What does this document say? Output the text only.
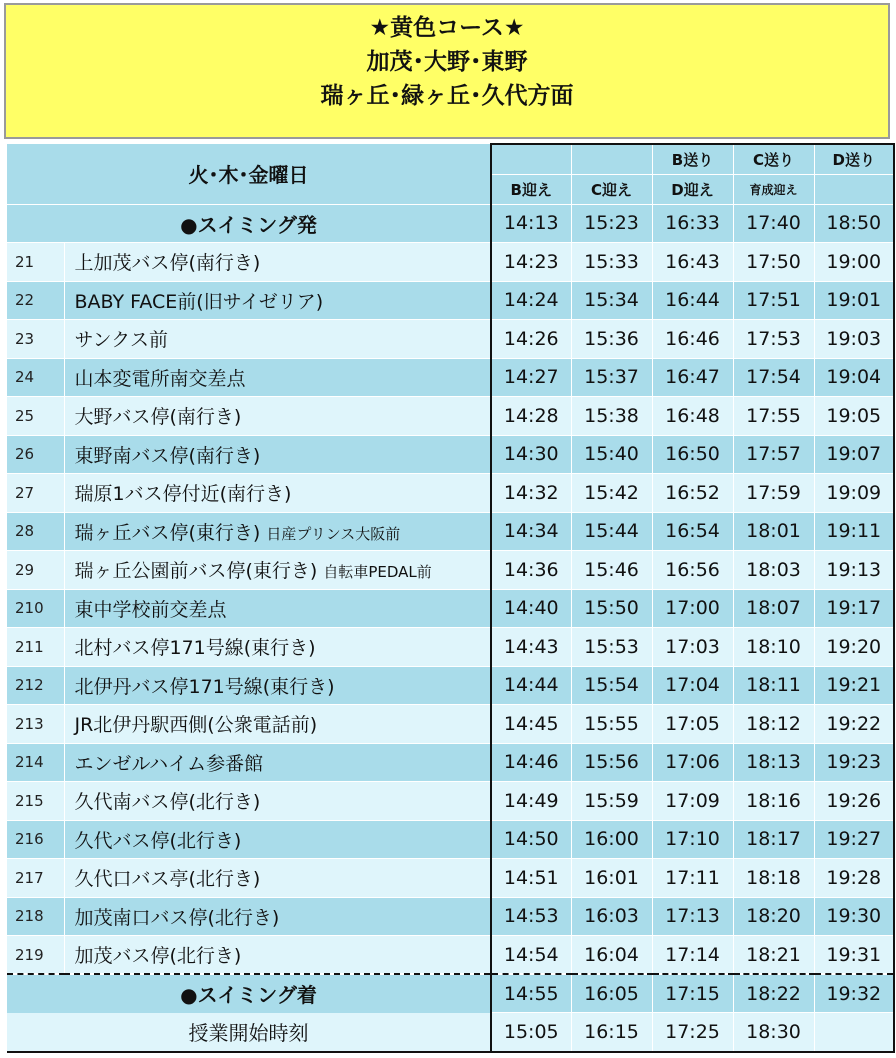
★黄色コース★
加茂･大野･東野
瑞ヶ丘･緑ヶ丘･久代方面
火･木･金曜日				B送り	C送り	D送り
		B迎え	C迎え	D迎え	育成迎え	
●スイミング発		14:13	15:23	16:33	17:40	18:50
21	上加茂バス停(南行き)	14:23	15:33	16:43	17:50	19:00
22	BABY FACE前(旧サイゼリア)	14:24	15:34	16:44	17:51	19:01
23	サンクス前	14:26	15:36	16:46	17:53	19:03
24	山本変電所南交差点	14:27	15:37	16:47	17:54	19:04
25	大野バス停(南行き)	14:28	15:38	16:48	17:55	19:05
26	東野南バス停(南行き)	14:30	15:40	16:50	17:57	19:07
27	瑞原1バス停付近(南行き)	14:32	15:42	16:52	17:59	19:09
28	瑞ヶ丘バス停(東行き) 日産プリンス大阪前	14:34	15:44	16:54	18:01	19:11
29	瑞ヶ丘公園前バス停(東行き) 自転車PEDAL前	14:36	15:46	16:56	18:03	19:13
210	東中学校前交差点	14:40	15:50	17:00	18:07	19:17
211	北村バス停171号線(東行き)	14:43	15:53	17:03	18:10	19:20
212	北伊丹バス停171号線(東行き)	14:44	15:54	17:04	18:11	19:21
213	JR北伊丹駅西側(公衆電話前)	14:45	15:55	17:05	18:12	19:22
214	エンゼルハイム参番館	14:46	15:56	17:06	18:13	19:23
215	久代南バス停(北行き)	14:49	15:59	17:09	18:16	19:26
216	久代バス停(北行き)	14:50	16:00	17:10	18:17	19:27
217	久代口バス亭(北行き)	14:51	16:01	17:11	18:18	19:28
218	加茂南口バス停(北行き)	14:53	16:03	17:13	18:20	19:30
219	加茂バス停(北行き)	14:54	16:04	17:14	18:21	19:31
●スイミング着		14:55	16:05	17:15	18:22	19:32
授業開始時刻		15:05	16:15	17:25	18:30	
